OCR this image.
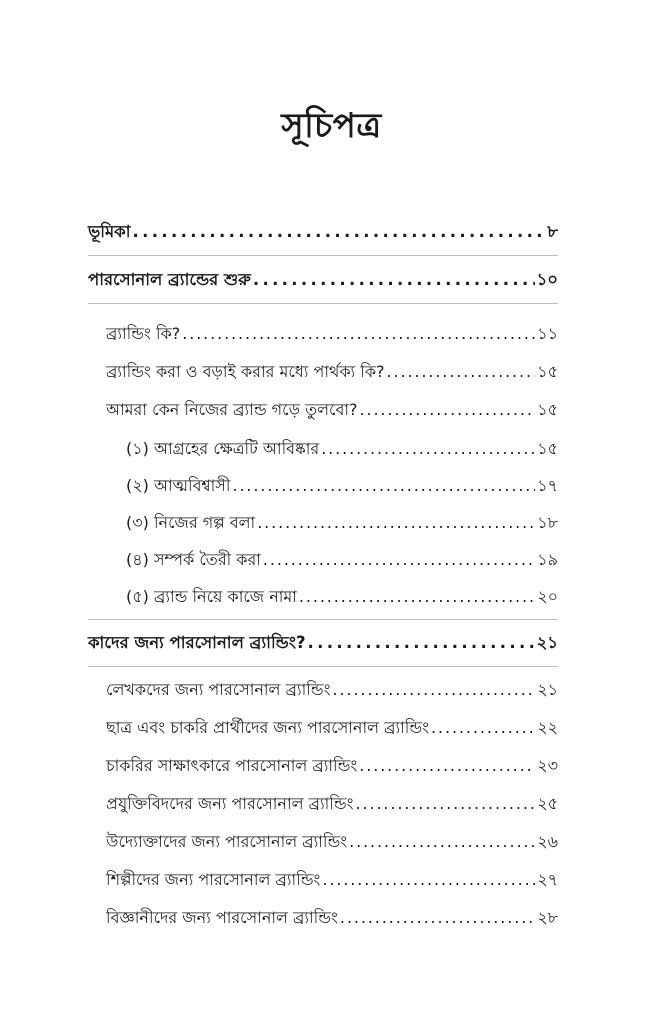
সূচিপত্র
ভূমিকা . . .	৮
পারসোনাল ব্র্যান্ডের শুরু . . .	১০
ব্র্যান্ডিং কি? . . .	১১
ব্র্যান্ডিং করা ও বড়াই করার মধ্যে পার্থক্য কি? . . .	১৫
আমরা কেন নিজের ব্র্যান্ড গড়ে তুলবো? . . .	১৫
(১) আগ্রহের ক্ষেত্রটি আবিষ্কার . . .	১৫
(২) আত্মবিশ্বাসী . . .	১৭
(৩) নিজের গল্প বলা . . .	১৮
(৪) সম্পর্ক তৈরী করা . . .	১৯
(৫) ব্র্যান্ড নিয়ে কাজে নামা . . .	২০
কাদের জন্য পারসোনাল ব্র্যান্ডিং? . . .	২১
লেখকদের জন্য পারসোনাল ব্র্যান্ডিং . . .	২১
ছাত্র এবং চাকরি প্রার্থীদের জন্য পারসোনাল ব্র্যান্ডিং . . .	২২
চাকরির সাক্ষাৎকারে পারসোনাল ব্র্যান্ডিং . . .	২৩
প্রযুক্তিবিদদের জন্য পারসোনাল ব্র্যান্ডিং . . .	২৫
উদ্যোক্তাদের জন্য পারসোনাল ব্র্যান্ডিং . . .	২৬
শিল্পীদের জন্য পারসোনাল ব্র্যান্ডিং . . .	২৭
বিজ্ঞানীদের জন্য পারসোনাল ব্র্যান্ডিং . . .	২৮
